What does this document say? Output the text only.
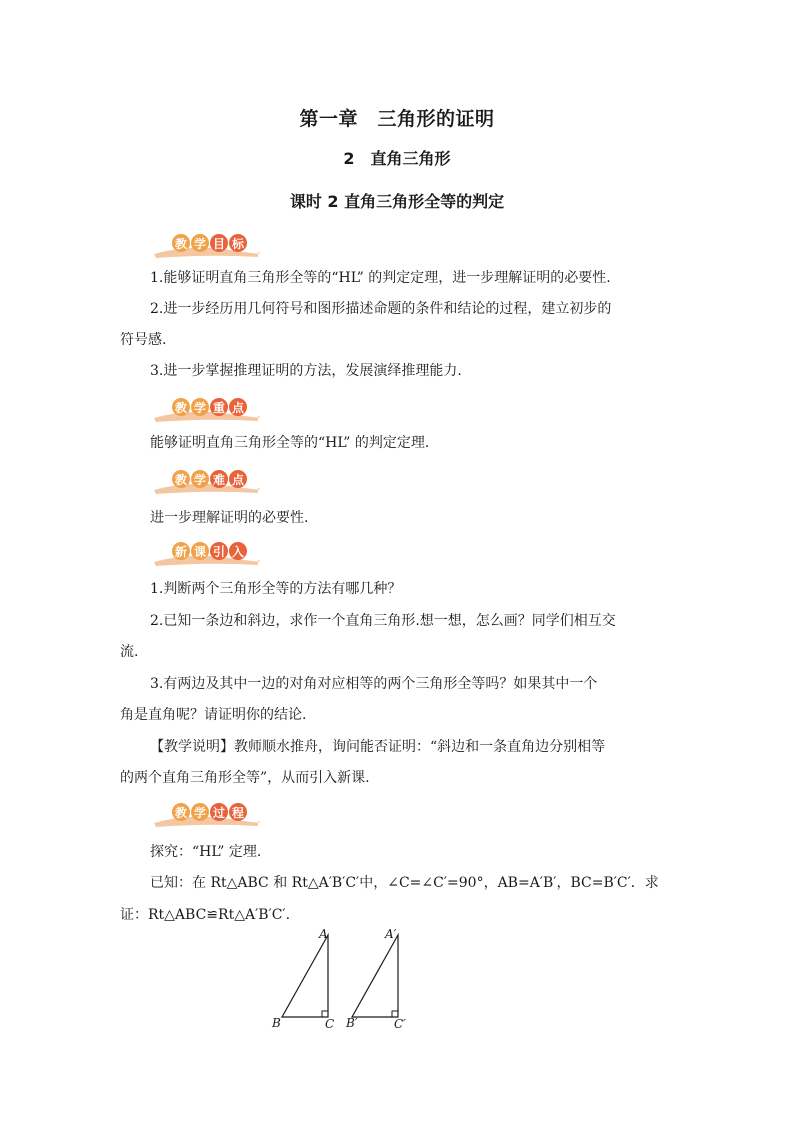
第一章　三角形的证明
2　直角三角形
课时 2 直角三角形全等的判定
教 学 目 标
1.能够证明直角三角形全等的“HL” 的判定定理，进一步理解证明的必要性.
2.进一步经历用几何符号和图形描述命题的条件和结论的过程，建立初步的
符号感.
3.进一步掌握推理证明的方法，发展演绎推理能力.
教 学 重 点
能够证明直角三角形全等的“HL” 的判定定理.
教 学 难 点
进一步理解证明的必要性.
新 课 引 入
1.判断两个三角形全等的方法有哪几种？
2.已知一条边和斜边，求作一个直角三角形.想一想，怎么画？同学们相互交
流.
3.有两边及其中一边的对角对应相等的两个三角形全等吗？如果其中一个
角是直角呢？请证明你的结论.
【教学说明】教师顺水推舟，询问能否证明：“斜边和一条直角边分别相等
的两个直角三角形全等”，从而引入新课.
教 学 过 程
探究：“HL” 定理.
已知：在 Rt△ABC 和 Rt△A′B′C′中，∠C=∠C′=90°，AB=A′B′，BC=B′C′．求
证：Rt△ABC≌Rt△A′B′C′.
A
B	C
A′
B′	C′
